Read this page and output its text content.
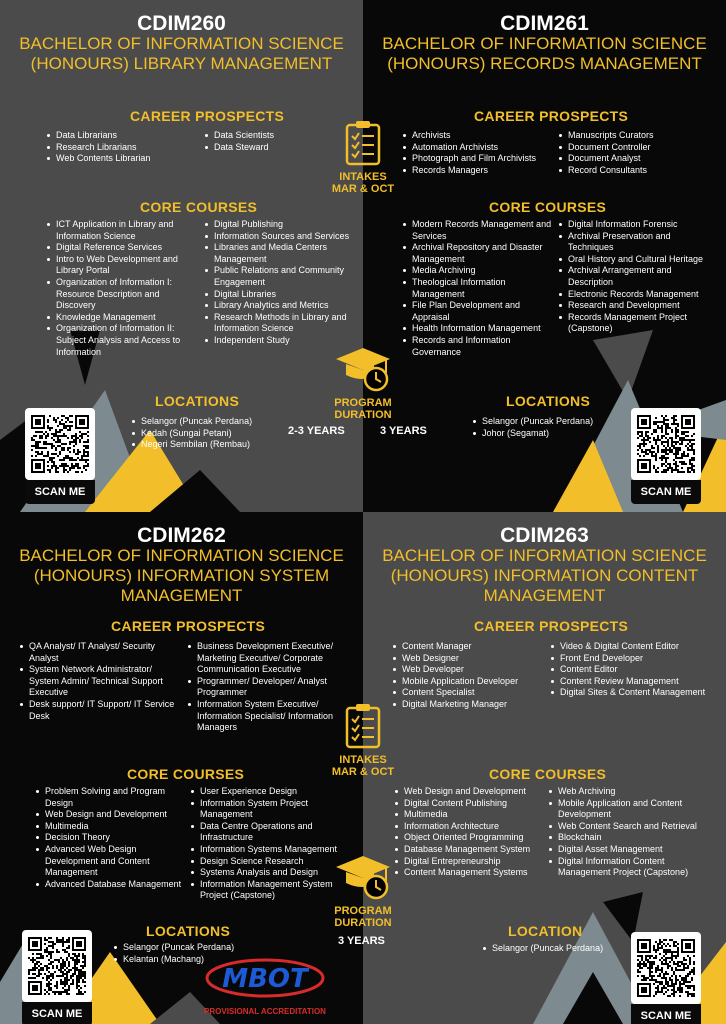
CDIM260
BACHELOR OF INFORMATION SCIENCE (HONOURS) LIBRARY MANAGEMENT
CAREER PROSPECTS
Data Librarians
Research Librarians
Web Contents Librarian
Data Scientists
Data Steward
CORE COURSES
ICT Application in Library and Information Science
Digital Reference Services
Intro to Web Development and Library Portal
Organization of Information I: Resource Description and Discovery
Knowledge Management
Organization of Information II: Subject Analysis and Access to Information
Digital Publishing
Information Sources and Services
Libraries and Media Centers Management
Public Relations and Community Engagement
Digital Libraries
Library Analytics and Metrics
Research Methods in Library and Information Science
Independent Study
LOCATIONS
Selangor (Puncak Perdana)
Kedah (Sungai Petani)
Negeri Sembilan (Rembau)
SCAN ME
CDIM261
BACHELOR OF INFORMATION SCIENCE (HONOURS) RECORDS MANAGEMENT
CAREER PROSPECTS
Archivists
Automation Archivists
Photograph and Film Archivists
Records Managers
Manuscripts Curators
Document Controller
Document Analyst
Record Consultants
CORE COURSES
Modern Records Management and Services
Archival Repository and Disaster Management
Media Archiving
Theological Information Management
File Plan Development and Appraisal
Health Information Management
Records and Information Governance
Digital Information Forensic
Archival Preservation and Techniques
Oral History and Cultural Heritage
Archival Arrangement and Description
Electronic Records Management
Research and Development
Records Management Project (Capstone)
LOCATIONS
Selangor (Puncak Perdana)
Johor (Segamat)
SCAN ME
CDIM262
BACHELOR OF INFORMATION SCIENCE (HONOURS) INFORMATION SYSTEM MANAGEMENT
CAREER PROSPECTS
QA Analyst/ IT Analyst/ Security Analyst
System Network Administrator/ System Admin/ Technical Support Executive
Desk support/ IT Support/ IT Service Desk
Business Development Executive/ Marketing Executive/ Corporate Communication Executive
Programmer/ Developer/ Analyst Programmer
Information System Executive/ Information Specialist/ Information Managers
CORE COURSES
Problem Solving and Program Design
Web Design and Development
Multimedia
Decision Theory
Advanced Web Design Development and Content Management
Advanced Database Management
User Experience Design
Information System Project Management
Data Centre Operations and Infrastructure
Information Systems Management
Design Science Research
Systems Analysis and Design
Information Management System Project (Capstone)
LOCATIONS
Selangor (Puncak Perdana)
Kelantan (Machang)
SCAN ME
MBOT
PROVISIONAL ACCREDITATION
CDIM263
BACHELOR OF INFORMATION SCIENCE (HONOURS) INFORMATION CONTENT MANAGEMENT
CAREER PROSPECTS
Content Manager
Web Designer
Web Developer
Mobile Application Developer
Content Specialist
Digital Marketing Manager
Video & Digital Content Editor
Front End Developer
Content Editor
Content Review Management
Digital Sites & Content Management
CORE COURSES
Web Design and Development
Digital Content Publishing
Multimedia
Information Architecture
Object Oriented Programming
Database Management System
Digital Entrepreneurship
Content Management Systems
Web Archiving
Mobile Application and Content Development
Web Content Search and Retrieval
Blockchain
Digital Asset Management
Digital Information Content Management Project (Capstone)
LOCATION
Selangor (Puncak Perdana)
SCAN ME
INTAKES
MAR & OCT
PROGRAM
DURATION
2-3 YEARS	3 YEARS
INTAKES
MAR & OCT
PROGRAM
DURATION
3 YEARS
